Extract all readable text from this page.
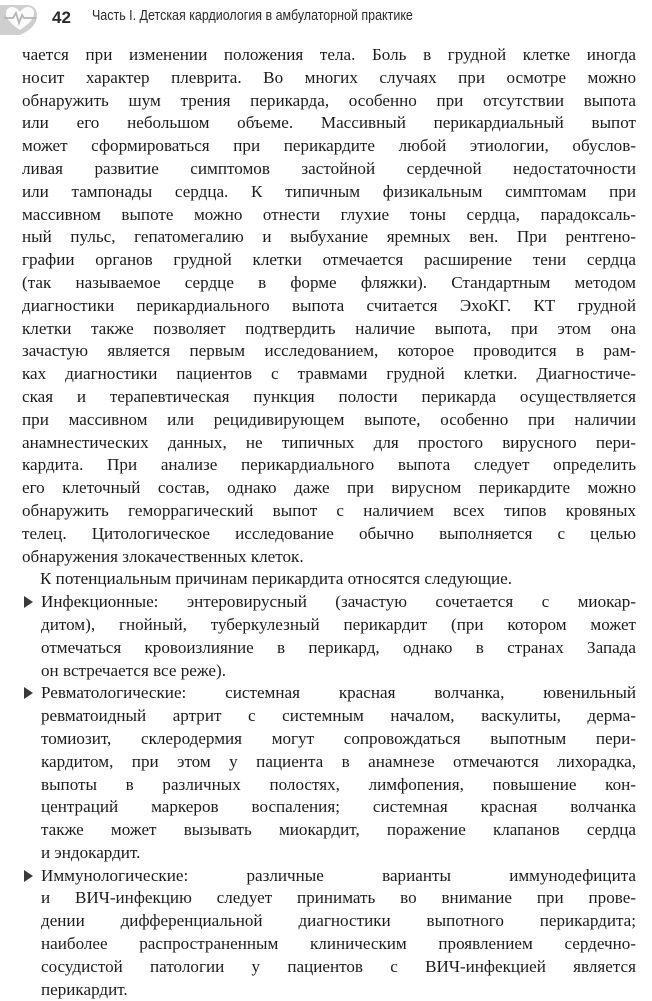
42 Часть I. Детская кардиология в амбулаторной практике
чается при изменении положения тела. Боль в грудной клетке иногда
носит характер плеврита. Во многих случаях при осмотре можно
обнаружить шум трения перикарда, особенно при отсутствии выпота
или его небольшом объеме. Массивный перикардиальный выпот
может сформироваться при перикардите любой этиологии, обуслов-
ливая развитие симптомов застойной сердечной недостаточности
или тампонады сердца. К типичным физикальным симптомам при
массивном выпоте можно отнести глухие тоны сердца, парадоксаль-
ный пульс, гепатомегалию и выбухание яремных вен. При рентгено-
графии органов грудной клетки отмечается расширение тени сердца
(так называемое сердце в форме фляжки). Стандартным методом
диагностики перикардиального выпота считается ЭхоКГ. КТ грудной
клетки также позволяет подтвердить наличие выпота, при этом она
зачастую является первым исследованием, которое проводится в рам-
ках диагностики пациентов с травмами грудной клетки. Диагностиче-
ская и терапевтическая пункция полости перикарда осуществляется
при массивном или рецидивирующем выпоте, особенно при наличии
анамнестических данных, не типичных для простого вирусного пери-
кардита. При анализе перикардиального выпота следует определить
его клеточный состав, однако даже при вирусном перикардите можно
обнаружить геморрагический выпот с наличием всех типов кровяных
телец. Цитологическое исследование обычно выполняется с целью
обнаружения злокачественных клеток.
К потенциальным причинам перикардита относятся следующие.
Инфекционные: энтеровирусный (зачастую сочетается с миокар-
дитом), гнойный, туберкулезный перикардит (при котором может
отмечаться кровоизлияние в перикард, однако в странах Запада
он встречается все реже).
Ревматологические: системная красная волчанка, ювенильный
ревматоидный артрит с системным началом, васкулиты, дерма-
томиозит, склеродермия могут сопровождаться выпотным пери-
кардитом, при этом у пациента в анамнезе отмечаются лихорадка,
выпоты в различных полостях, лимфопения, повышение кон-
центраций маркеров воспаления; системная красная волчанка
также может вызывать миокардит, поражение клапанов сердца
и эндокардит.
Иммунологические: различные варианты иммунодефицита
и ВИЧ-инфекцию следует принимать во внимание при прове-
дении дифференциальной диагностики выпотного перикардита;
наиболее распространенным клиническим проявлением сердечно-
сосудистой патологии у пациентов с ВИЧ-инфекцией является
перикардит.
